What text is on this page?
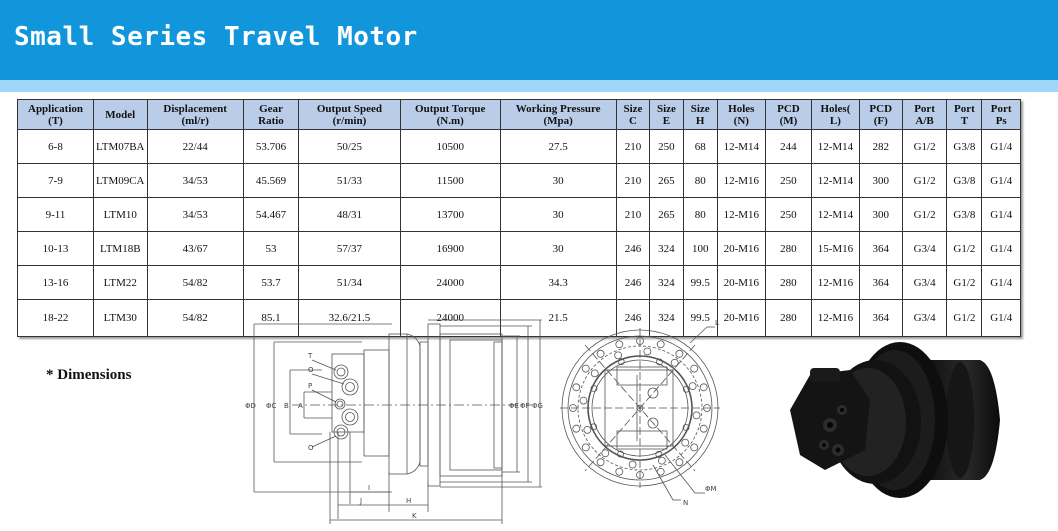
Small Series Travel Motor
Application (T)	Model	Displacement (ml/r)	Gear Ratio	Output Speed (r/min)	Output Torque (N.m)	Working Pressure (Mpa)	Size C	Size E	Size H	Holes (N)	PCD (M)	Holes( L)	PCD (F)	Port A/B	Port T	Port Ps
6-8	LTM07BA	22/44	53.706	50/25	10500	27.5	210	250	68	12-M14	244	12-M14	282	G1/2	G3/8	G1/4
7-9	LTM09CA	34/53	45.569	51/33	11500	30	210	265	80	12-M16	250	12-M14	300	G1/2	G3/8	G1/4
9-11	LTM10	34/53	54.467	48/31	13700	30	210	265	80	12-M16	250	12-M14	300	G1/2	G3/8	G1/4
10-13	LTM18B	43/67	53	57/37	16900	30	246	324	100	20-M16	280	15-M16	364	G3/4	G1/2	G1/4
13-16	LTM22	54/82	53.7	51/34	24000	34.3	246	324	99.5	20-M16	280	12-M16	364	G3/4	G1/2	G1/4
18-22	LTM30	54/82	85.1	32.6/21.5	24000	21.5	246	324	99.5	20-M16	280	12-M16	364	G3/4	G1/2	G1/4
* Dimensions
T
O
P
O
A
B
ΦC
ΦD	ΦE ΦF ΦG
I
J	H
K
L
ΦM
N
